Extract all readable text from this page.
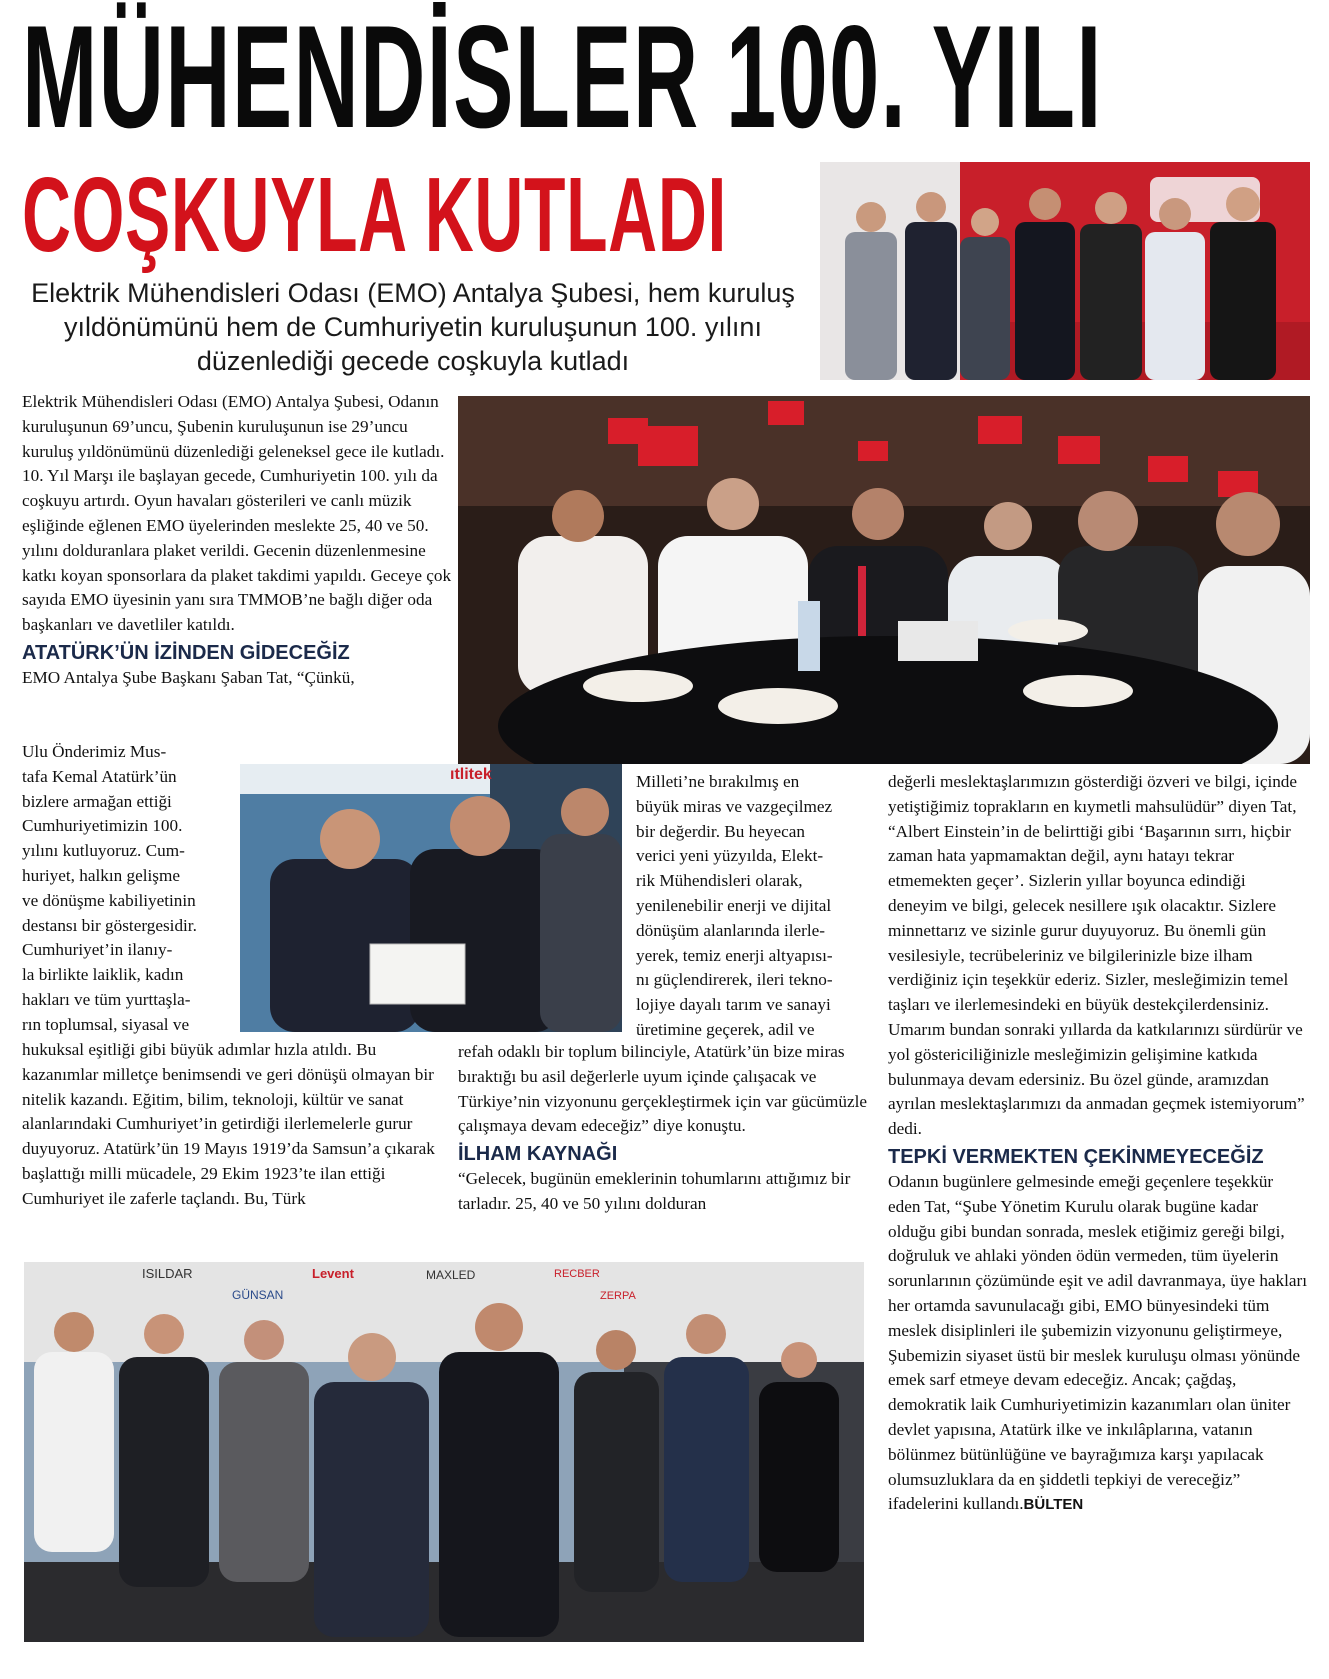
MÜHENDİSLER 100. YILI
COŞKUYLA KUTLADI
Elektrik Mühendisleri Odası (EMO) Antalya Şubesi, hem kuruluş yıldönümünü hem de Cumhuriyetin kuruluşunun 100. yılını düzenlediği gecede coşkuyla kutladı

Elektrik Mühendisleri Odası (EMO) Antalya Şubesi, Odanın kuruluşunun 69’uncu, Şubenin kuruluşunun ise 29’uncu kuruluş yıldönümünü düzenlediği geleneksel gece ile kutladı. 10. Yıl Marşı ile başlayan gecede, Cumhuriyetin 100. yılı da coşkuyu artırdı. Oyun havaları gösterileri ve canlı müzik eşliğinde eğlenen EMO üyelerinden meslekte 25, 40 ve 50. yılını dolduranlara plaket verildi. Gecenin düzenlenmesine katkı koyan sponsorlara da plaket takdimi yapıldı. Geceye çok sayıda EMO üyesinin yanı sıra TMMOB’ne bağlı diğer oda başkanları ve davetliler katıldı.

ATATÜRK’ÜN İZİNDEN GİDECEĞİZ

EMO Antalya Şube Başkanı Şaban Tat, “Çünkü,

Ulu Önderimiz Mus-
tafa Kemal Atatürk’ün
bizlere armağan ettiği
Cumhuriyetimizin 100.
yılını kutluyoruz. Cum-
huriyet, halkın gelişme
ve dönüşme kabiliyetinin
destansı bir göstergesidir.
Cumhuriyet’in ilanıy-
la birlikte laiklik, kadın
hakları ve tüm yurttaşla-
rın toplumsal, siyasal ve

hukuksal eşitliği gibi büyük adımlar hızla atıldı. Bu kazanımlar milletçe benimsendi ve geri dönüşü olmayan bir nitelik kazandı. Eğitim, bilim, teknoloji, kültür ve sanat alanlarındaki Cumhuriyet’in getirdiği ilerlemelerle gurur duyuyoruz. Atatürk’ün 19 Mayıs 1919’da Samsun’a çıkarak başlattığı milli mücadele, 29 Ekim 1923’te ilan ettiği Cumhuriyet ile zaferle taçlandı. Bu, Türk

ıtlitek	Milleti’ne bırakılmış en
büyük miras ve vazgeçilmez
bir değerdir. Bu heyecan
verici yeni yüzyılda, Elekt-
rik Mühendisleri olarak,
yenilenebilir enerji ve dijital
dönüşüm alanlarında ilerle-
yerek, temiz enerji altyapısı-
nı güçlendirerek, ileri tekno-
lojiye dayalı tarım ve sanayi
üretimine geçerek, adil ve

refah odaklı bir toplum bilinciyle, Atatürk’ün bize miras bıraktığı bu asil değerlerle uyum içinde çalışacak ve Türkiye’nin vizyonunu gerçekleştirmek için var gücümüzle çalışmaya devam edeceğiz” diye konuştu.

İLHAM KAYNAĞI

“Gelecek, bugünün emeklerinin tohumlarını attığımız bir tarladır. 25, 40 ve 50 yılını dolduran

değerli meslektaşlarımızın gösterdiği özveri ve bilgi, içinde yetiştiğimiz toprakların en kıymetli mahsulüdür” diyen Tat, “Albert Einstein’in de belirttiği gibi ‘Başarının sırrı, hiçbir zaman hata yapmamaktan değil, aynı hatayı tekrar etmemekten geçer’. Sizlerin yıllar boyunca edindiği deneyim ve bilgi, gelecek nesillere ışık olacaktır. Sizlere minnettarız ve sizinle gurur duyuyoruz. Bu önemli gün vesilesiyle, tecrübeleriniz ve bilgilerinizle bize ilham verdiğiniz için teşekkür ederiz. Sizler, mesleğimizin temel taşları ve ilerlemesindeki en büyük destekçilerdensiniz. Umarım bundan sonraki yıllarda da katkılarınızı sürdürür ve yol göstericiliğinizle mesleğimizin gelişimine katkıda bulunmaya devam edersiniz. Bu özel günde, aramızdan ayrılan meslektaşlarımızı da anmadan geçmek istemiyorum” dedi.

TEPKİ VERMEKTEN ÇEKİNMEYECEĞİZ

Odanın bugünlere gelmesinde emeği geçenlere teşekkür eden Tat, “Şube Yönetim Kurulu olarak bugüne kadar olduğu gibi bundan sonrada, meslek etiğimiz gereği bilgi, doğruluk ve ahlaki yönden ödün vermeden, tüm üyelerin sorunlarının çözümünde eşit ve adil davranmaya, üye hakları her ortamda savunulacağı gibi, EMO bünyesindeki tüm meslek disiplinleri ile şubemizin vizyonunu geliştirmeye, Şubemizin siyaset üstü bir meslek kuruluşu olması yönünde emek sarf etmeye devam edeceğiz. Ancak; çağdaş, demokratik laik Cumhuriyetimizin kazanımları olan üniter devlet yapısına, Atatürk ilke ve inkılâplarına, vatanın bölünmez bütünlüğüne ve bayrağımıza karşı yapılacak olumsuzluklara da en şiddetli tepkiyi de vereceğiz” ifadelerini kullandı.BÜLTEN

ISILDAR
GÜNSAN
Levent	MAXLED	RECBER
ZERPA
